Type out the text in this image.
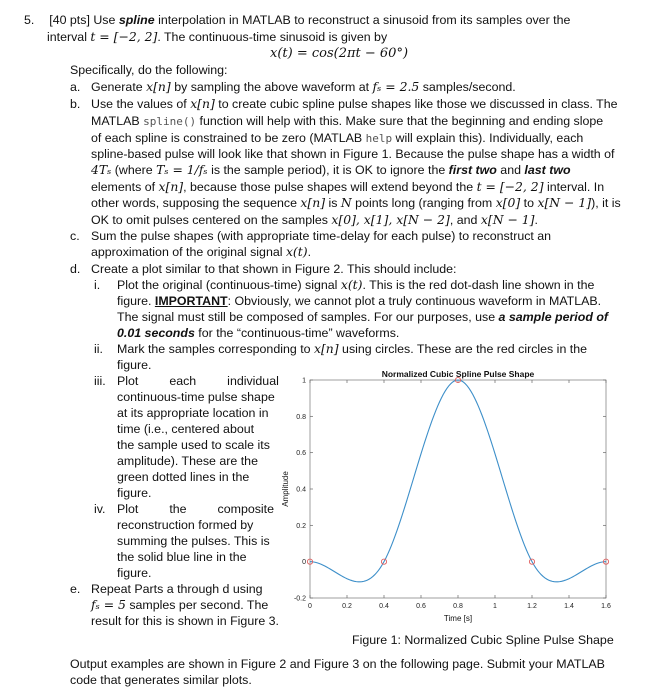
5. [40 pts] Use spline interpolation in MATLAB to reconstruct a sinusoid from its samples over the
interval t = [−2, 2]. The continuous-time sinusoid is given by
x(t) = cos(2πt − 60°)
Specifically, do the following:
a. Generate x[n] by sampling the above waveform at fₛ = 2.5 samples/second.
b. Use the values of x[n] to create cubic spline pulse shapes like those we discussed in class. The
MATLAB spline() function will help with this. Make sure that the beginning and ending slope
of each spline is constrained to be zero (MATLAB help will explain this). Individually, each
spline-based pulse will look like that shown in Figure 1. Because the pulse shape has a width of
4Tₛ (where Tₛ = 1/fₛ is the sample period), it is OK to ignore the first two and last two
elements of x[n], because those pulse shapes will extend beyond the t = [−2, 2] interval. In
other words, supposing the sequence x[n] is N points long (ranging from x[0] to x[N − 1]), it is
OK to omit pulses centered on the samples x[0], x[1], x[N − 2], and x[N − 1].
c. Sum the pulse shapes (with appropriate time-delay for each pulse) to reconstruct an
approximation of the original signal x(t).
d. Create a plot similar to that shown in Figure 2. This should include:
i. Plot the original (continuous-time) signal x(t). This is the red dot-dash line shown in the
figure. IMPORTANT: Obviously, we cannot plot a truly continuous waveform in MATLAB.
The signal must still be composed of samples. For our purposes, use a sample period of
0.01 seconds for the “continuous-time” waveforms.
ii. Mark the samples corresponding to x[n] using circles. These are the red circles in the
figure.
iii. Plot         each         individual
continuous-time pulse shape
at its appropriate location in
time (i.e., centered about
the sample used to scale its
amplitude). These are the
green dotted lines in the
figure.
iv. Plot         the         composite
reconstruction formed by
summing the pulses. This is
the solid blue line in the
figure.
e. Repeat Parts a through d using
fₛ = 5 samples per second. The
result for this is shown in Figure 3.
Normalized Cubic Spline Pulse Shape
Time [s]
Amplitude
0	0.2	0.4	0.6	0.8	1	1.2	1.4	1.6
-0.2
0
0.2
0.4
0.6
0.8
1
Figure 1: Normalized Cubic Spline Pulse Shape
Output examples are shown in Figure 2 and Figure 3 on the following page. Submit your MATLAB
code that generates similar plots.
